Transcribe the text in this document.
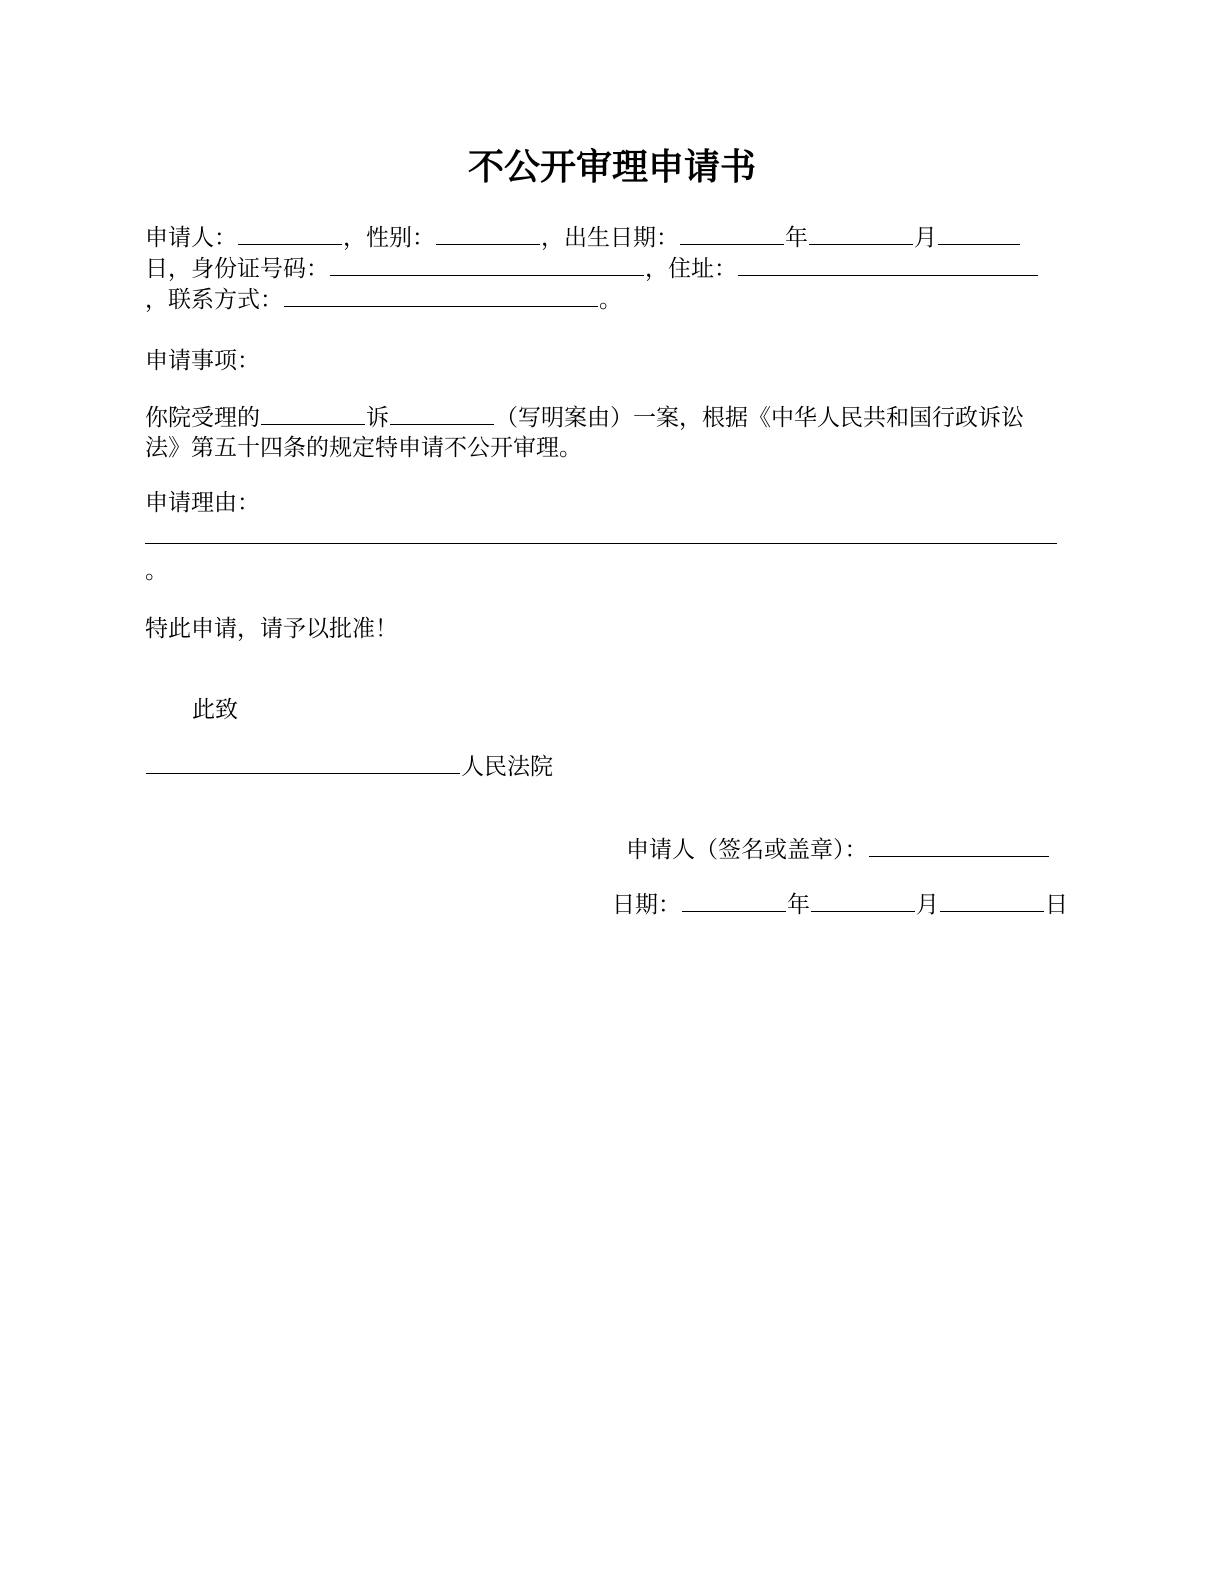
不公开审理申请书
申请人：	，性别：	，出生日期：	年	月
日，身份证号码：	，住址：
，联系方式：	。
申请事项：
你院受理的	诉	（写明案由）一案，根据《中华人民共和国行政诉讼
法》第五十四条的规定特申请不公开审理。
申请理由：
。
特此申请，请予以批准！
此致
人民法院
申请人（签名或盖章）：
日期：	年	月	日
